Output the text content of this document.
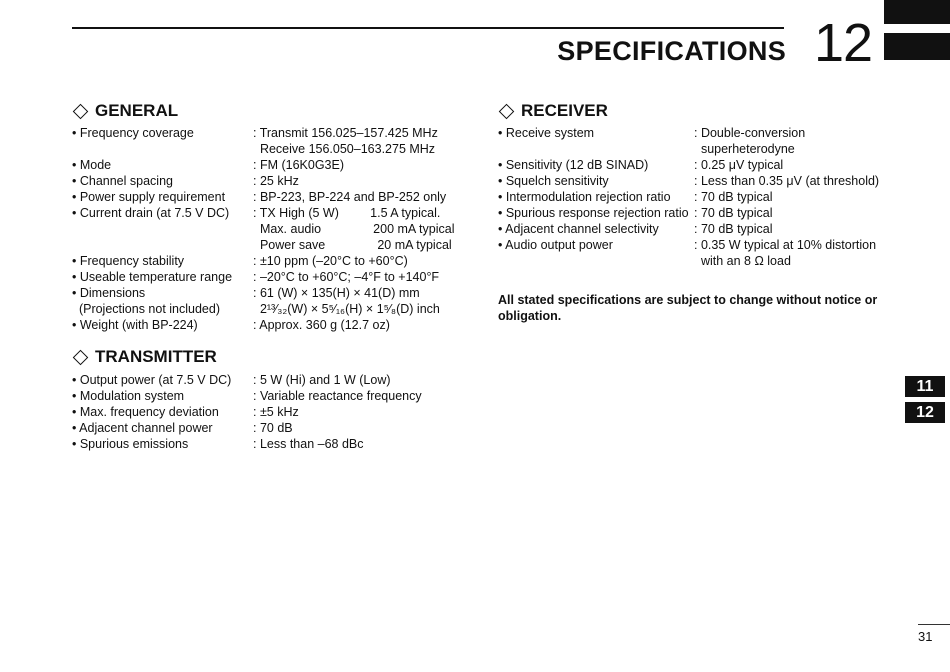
SPECIFICATIONS 12
GENERAL
• Frequency coverage	: Transmit 156.025–157.425 MHz
Receive 156.050–163.275 MHz
• Mode	: FM (16K0G3E)
• Channel spacing	: 25 kHz
• Power supply requirement	: BP-223, BP-224 and BP-252 only
• Current drain (at 7.5 V DC)	: TX High (5 W)         1.5 A typical.
Max. audio               200 mA typical
Power save               20 mA typical
• Frequency stability	: ±10 ppm (–20°C to +60°C)
• Useable temperature range	: –20°C to +60°C; –4°F to +140°F
• Dimensions	: 61 (W) × 135(H) × 41(D) mm
(Projections not included)	2¹³⁄₃₂(W) × 5⁵⁄₁₆(H) × 1⁵⁄₈(D) inch
• Weight (with BP-224)	: Approx. 360 g (12.7 oz)
TRANSMITTER
• Output power (at 7.5 V DC)	: 5 W (Hi) and 1 W (Low)
• Modulation system	: Variable reactance frequency
• Max. frequency deviation	: ±5 kHz
• Adjacent channel power	: 70 dB
• Spurious emissions	: Less than –68 dBc
RECEIVER
• Receive system	: Double-conversion
superheterodyne
• Sensitivity (12 dB SINAD)	: 0.25 μV typical
• Squelch sensitivity	: Less than 0.35 μV (at threshold)
• Intermodulation rejection ratio	: 70 dB typical
• Spurious response rejection ratio : 70 dB typical
• Adjacent channel selectivity	: 70 dB typical
• Audio output power	: 0.35 W typical at 10% distortion
with an 8 Ω load
All stated specifications are subject to change without notice or obligation.
11
12
31
